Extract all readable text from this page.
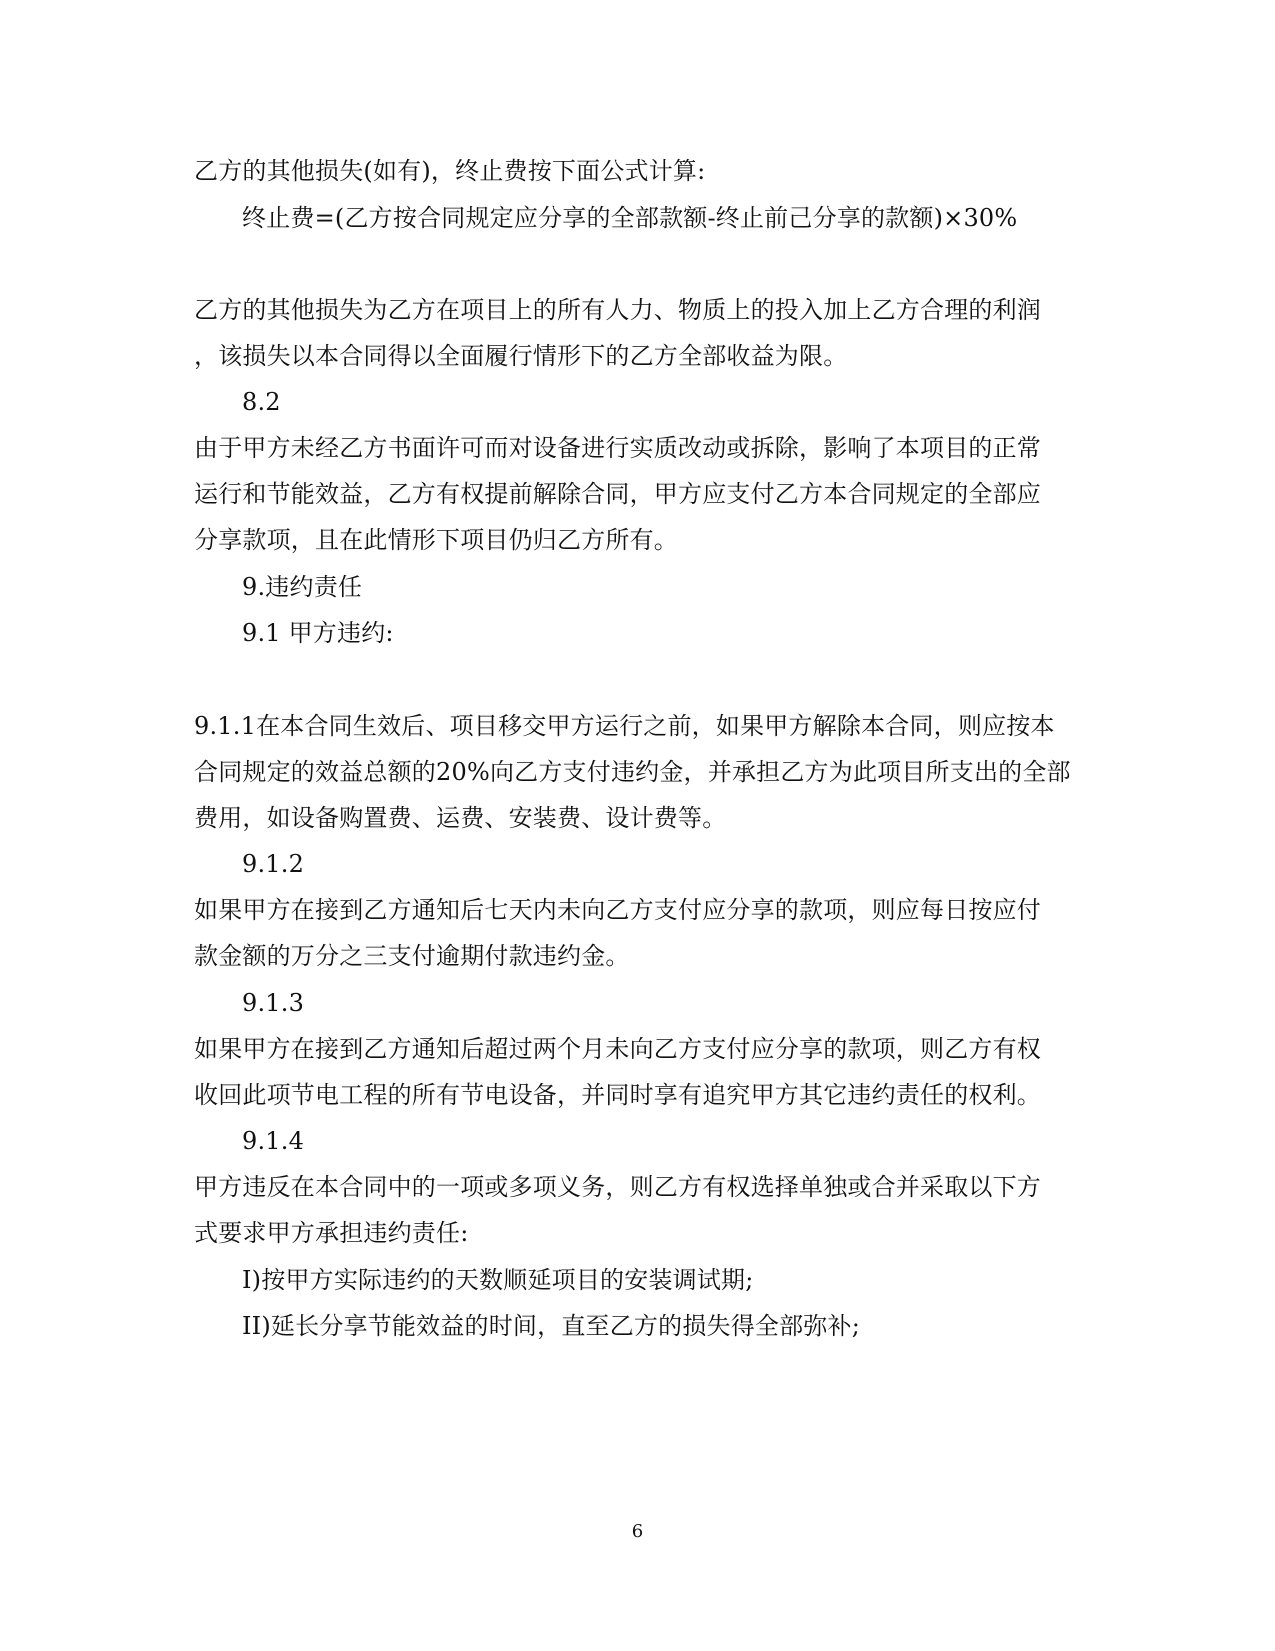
乙方的其他损失(如有)，终止费按下面公式计算:
终止费=(乙方按合同规定应分享的全部款额-终止前己分享的款额)×30%
乙方的其他损失为乙方在项目上的所有人力、物质上的投入加上乙方合理的利润
，该损失以本合同得以全面履行情形下的乙方全部收益为限。
8.2
由于甲方未经乙方书面许可而对设备进行实质改动或拆除，影响了本项目的正常
运行和节能效益，乙方有权提前解除合同，甲方应支付乙方本合同规定的全部应
分享款项，且在此情形下项目仍归乙方所有。
9.违约责任
9.1 甲方违约:
9.1.1在本合同生效后、项目移交甲方运行之前，如果甲方解除本合同，则应按本
合同规定的效益总额的20%向乙方支付违约金，并承担乙方为此项目所支出的全部
费用，如设备购置费、运费、安装费、设计费等。
9.1.2
如果甲方在接到乙方通知后七天内未向乙方支付应分享的款项，则应每日按应付
款金额的万分之三支付逾期付款违约金。
9.1.3
如果甲方在接到乙方通知后超过两个月未向乙方支付应分享的款项，则乙方有权
收回此项节电工程的所有节电设备，并同时享有追究甲方其它违约责任的权利。
9.1.4
甲方违反在本合同中的一项或多项义务，则乙方有权选择单独或合并采取以下方
式要求甲方承担违约责任:
I)按甲方实际违约的天数顺延项目的安装调试期;
II)延长分享节能效益的时间，直至乙方的损失得全部弥补;
6
